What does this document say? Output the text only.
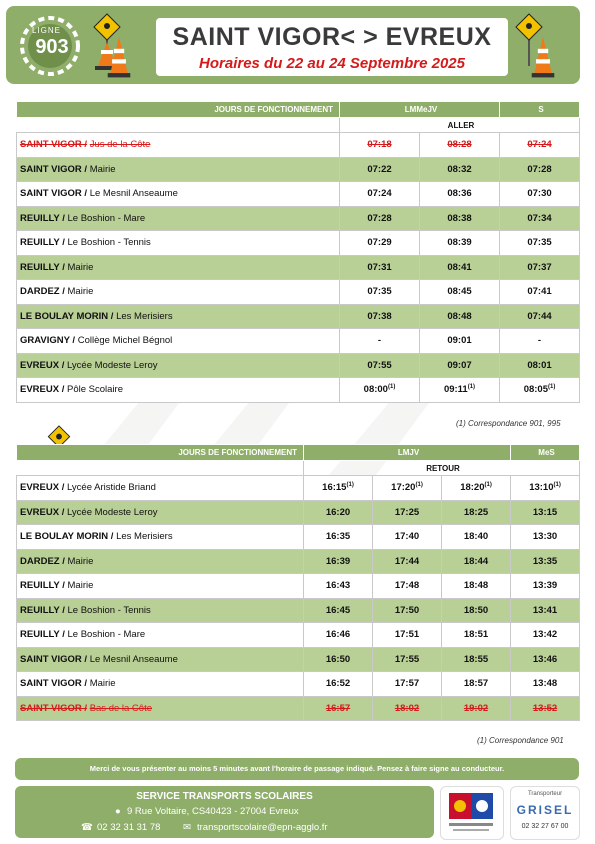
LIGNE
903	SAINT VIGOR< > EVREUX
Horaires du 22 au 24 Septembre 2025
JOURS DE FONCTIONNEMENT	LMMeJV		S
	ALLER		
SAINT VIGOR / Jus de la Côte	07:18	08:28	07:24
SAINT VIGOR / Mairie	07:22	08:32	07:28
SAINT VIGOR / Le Mesnil Anseaume	07:24	08:36	07:30
REUILLY / Le Boshion - Mare	07:28	08:38	07:34
REUILLY / Le Boshion - Tennis	07:29	08:39	07:35
REUILLY / Mairie	07:31	08:41	07:37
DARDEZ / Mairie	07:35	08:45	07:41
LE BOULAY MORIN / Les Merisiers	07:38	08:48	07:44
GRAVIGNY / Collège Michel Bégnol	-	09:01	-
EVREUX / Lycée Modeste Leroy	07:55	09:07	08:01
EVREUX / Pôle Scolaire	08:00$^{(1)}$	09:11$^{(1)}$	08:05$^{(1)}$
(1) Correspondance 901, 995
JOURS DE FONCTIONNEMENT	LMJV			MeS
	RETOUR			
EVREUX / Lycée Aristide Briand	16:15$^{(1)}$	17:20$^{(1)}$	18:20$^{(1)}$	13:10$^{(1)}$
EVREUX / Lycée Modeste Leroy	16:20	17:25	18:25	13:15
LE BOULAY MORIN / Les Merisiers	16:35	17:40	18:40	13:30
DARDEZ / Mairie	16:39	17:44	18:44	13:35
REUILLY / Mairie	16:43	17:48	18:48	13:39
REUILLY / Le Boshion - Tennis	16:45	17:50	18:50	13:41
REUILLY / Le Boshion - Mare	16:46	17:51	18:51	13:42
SAINT VIGOR / Le Mesnil Anseaume	16:50	17:55	18:55	13:46
SAINT VIGOR / Mairie	16:52	17:57	18:57	13:48
SAINT VIGOR / Bas de la Côte	16:57	18:02	19:02	13:52
(1) Correspondance 901
Merci de vous présenter au moins 5 minutes avant l'horaire de passage indiqué. Pensez à faire signe au conducteur.
SERVICE TRANSPORTS SCOLAIRES
● 9 Rue Voltaire, CS40423 - 27004 Evreux
☎ 02 32 31 31 78 ✉ transportscolaire@epn-agglo.fr
Transporteur
GRISEL
02 32 27 67 00
